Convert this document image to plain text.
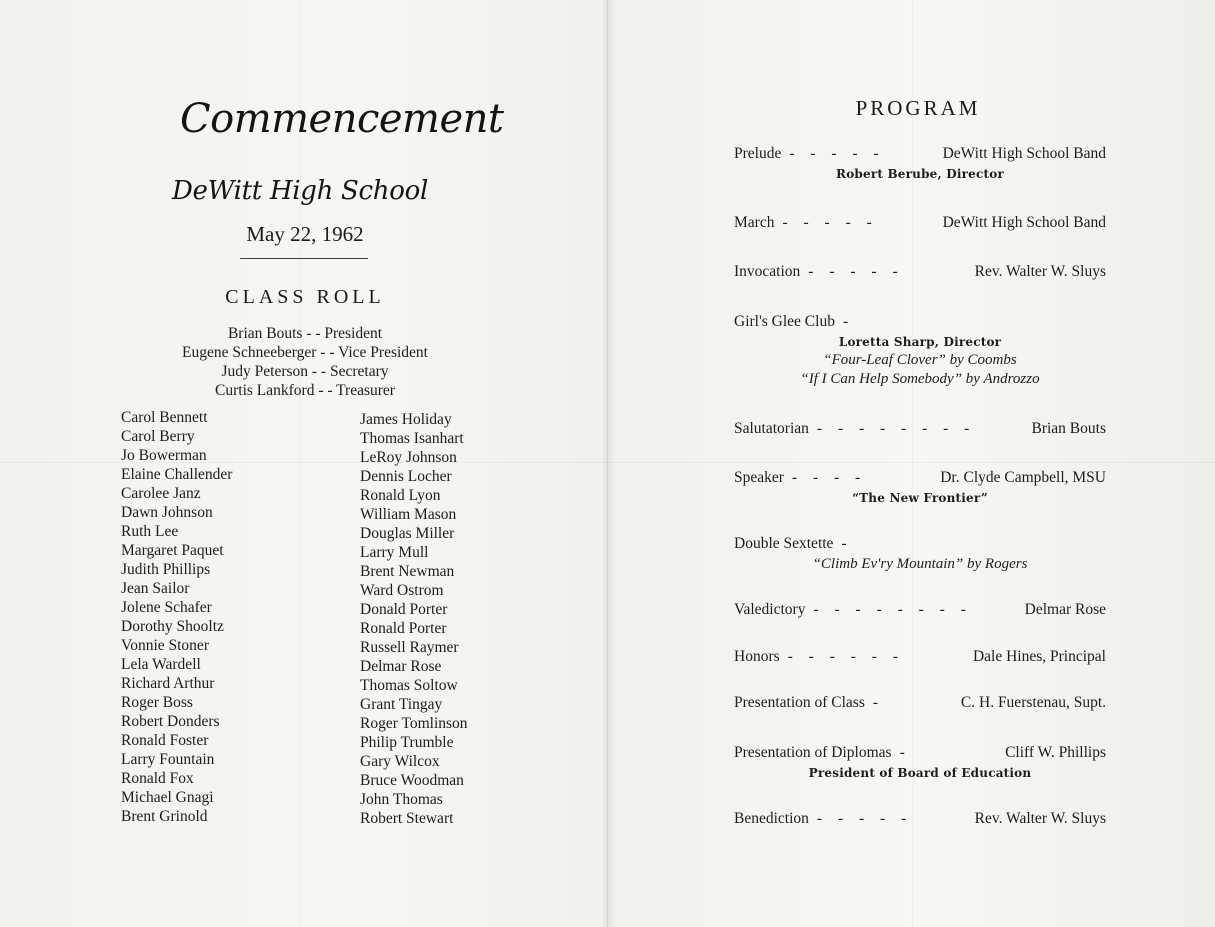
Commencement
DeWitt High School
May 22, 1962
CLASS ROLL
Brian Bouts - - President
Eugene Schneeberger - - Vice President
Judy Peterson - - Secretary
Curtis Lankford - - Treasurer
Carol Bennett
Carol Berry
Jo Bowerman
Elaine Challender
Carolee Janz
Dawn Johnson
Ruth Lee
Margaret Paquet
Judith Phillips
Jean Sailor
Jolene Schafer
Dorothy Shooltz
Vonnie Stoner
Lela Wardell
Richard Arthur
Roger Boss
Robert Donders
Ronald Foster
Larry Fountain
Ronald Fox
Michael Gnagi
Brent Grinold
James Holiday
Thomas Isanhart
LeRoy Johnson
Dennis Locher
Ronald Lyon
William Mason
Douglas Miller
Larry Mull
Brent Newman
Ward Ostrom
Donald Porter
Ronald Porter
Russell Raymer
Delmar Rose
Thomas Soltow
Grant Tingay
Roger Tomlinson
Philip Trumble
Gary Wilcox
Bruce Woodman
John Thomas
Robert Stewart
PROGRAM
Prelude - - - - -	DeWitt High School Band
Robert Berube, Director
March - - - - -	DeWitt High School Band
Invocation - - - - -	Rev. Walter W. Sluys
Girl's Glee Club -
Loretta Sharp, Director
“Four-Leaf Clover” by Coombs
“If I Can Help Somebody” by Androzzo
Salutatorian - - - - - - - -	Brian Bouts
Speaker - - - -	Dr. Clyde Campbell, MSU
“The New Frontier”
Double Sextette -
“Climb Ev'ry Mountain” by Rogers
Valedictory - - - - - - - -	Delmar Rose
Honors - - - - - -	Dale Hines, Principal
Presentation of Class -	C. H. Fuerstenau, Supt.
Presentation of Diplomas -	Cliff W. Phillips
President of Board of Education
Benediction - - - - -	Rev. Walter W. Sluys
